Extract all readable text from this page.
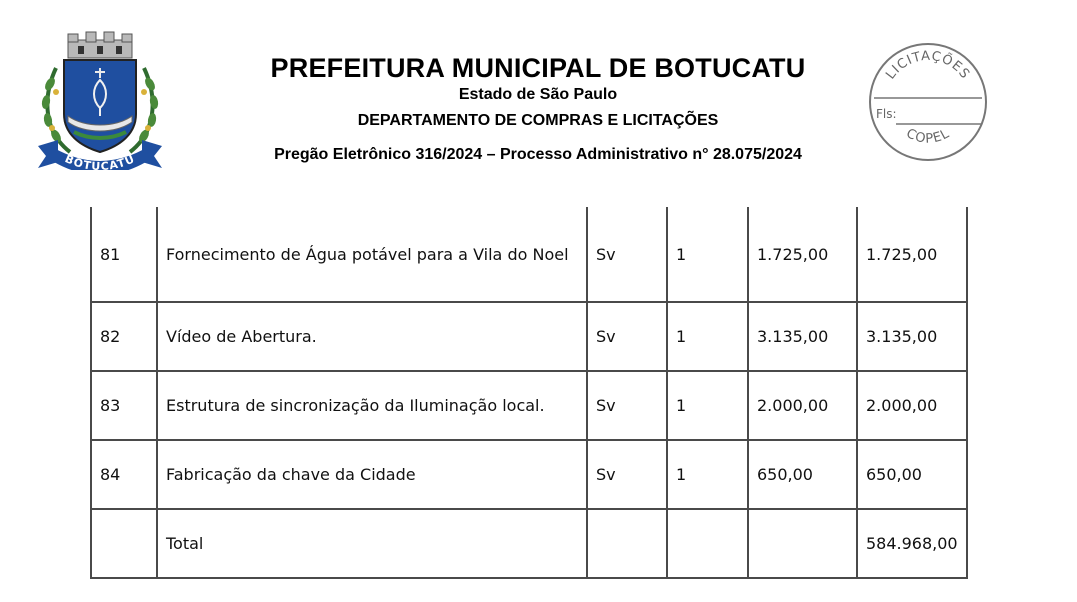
BOTUCATU
PREFEITURA MUNICIPAL DE BOTUCATU
Estado de São Paulo
DEPARTAMENTO DE COMPRAS E LICITAÇÕES
Pregão Eletrônico 316/2024 – Processo Administrativo n° 28.075/2024
LICITAÇÕES
Fls:
COPEL
81	Fornecimento de Água potável para a Vila do Noel	Sv	1	1.725,00	1.725,00
82	Vídeo de Abertura.	Sv	1	3.135,00	3.135,00
83	Estrutura de sincronização da Iluminação local.	Sv	1	2.000,00	2.000,00
84	Fabricação da chave da Cidade	Sv	1	650,00	650,00
	Total				584.968,00
